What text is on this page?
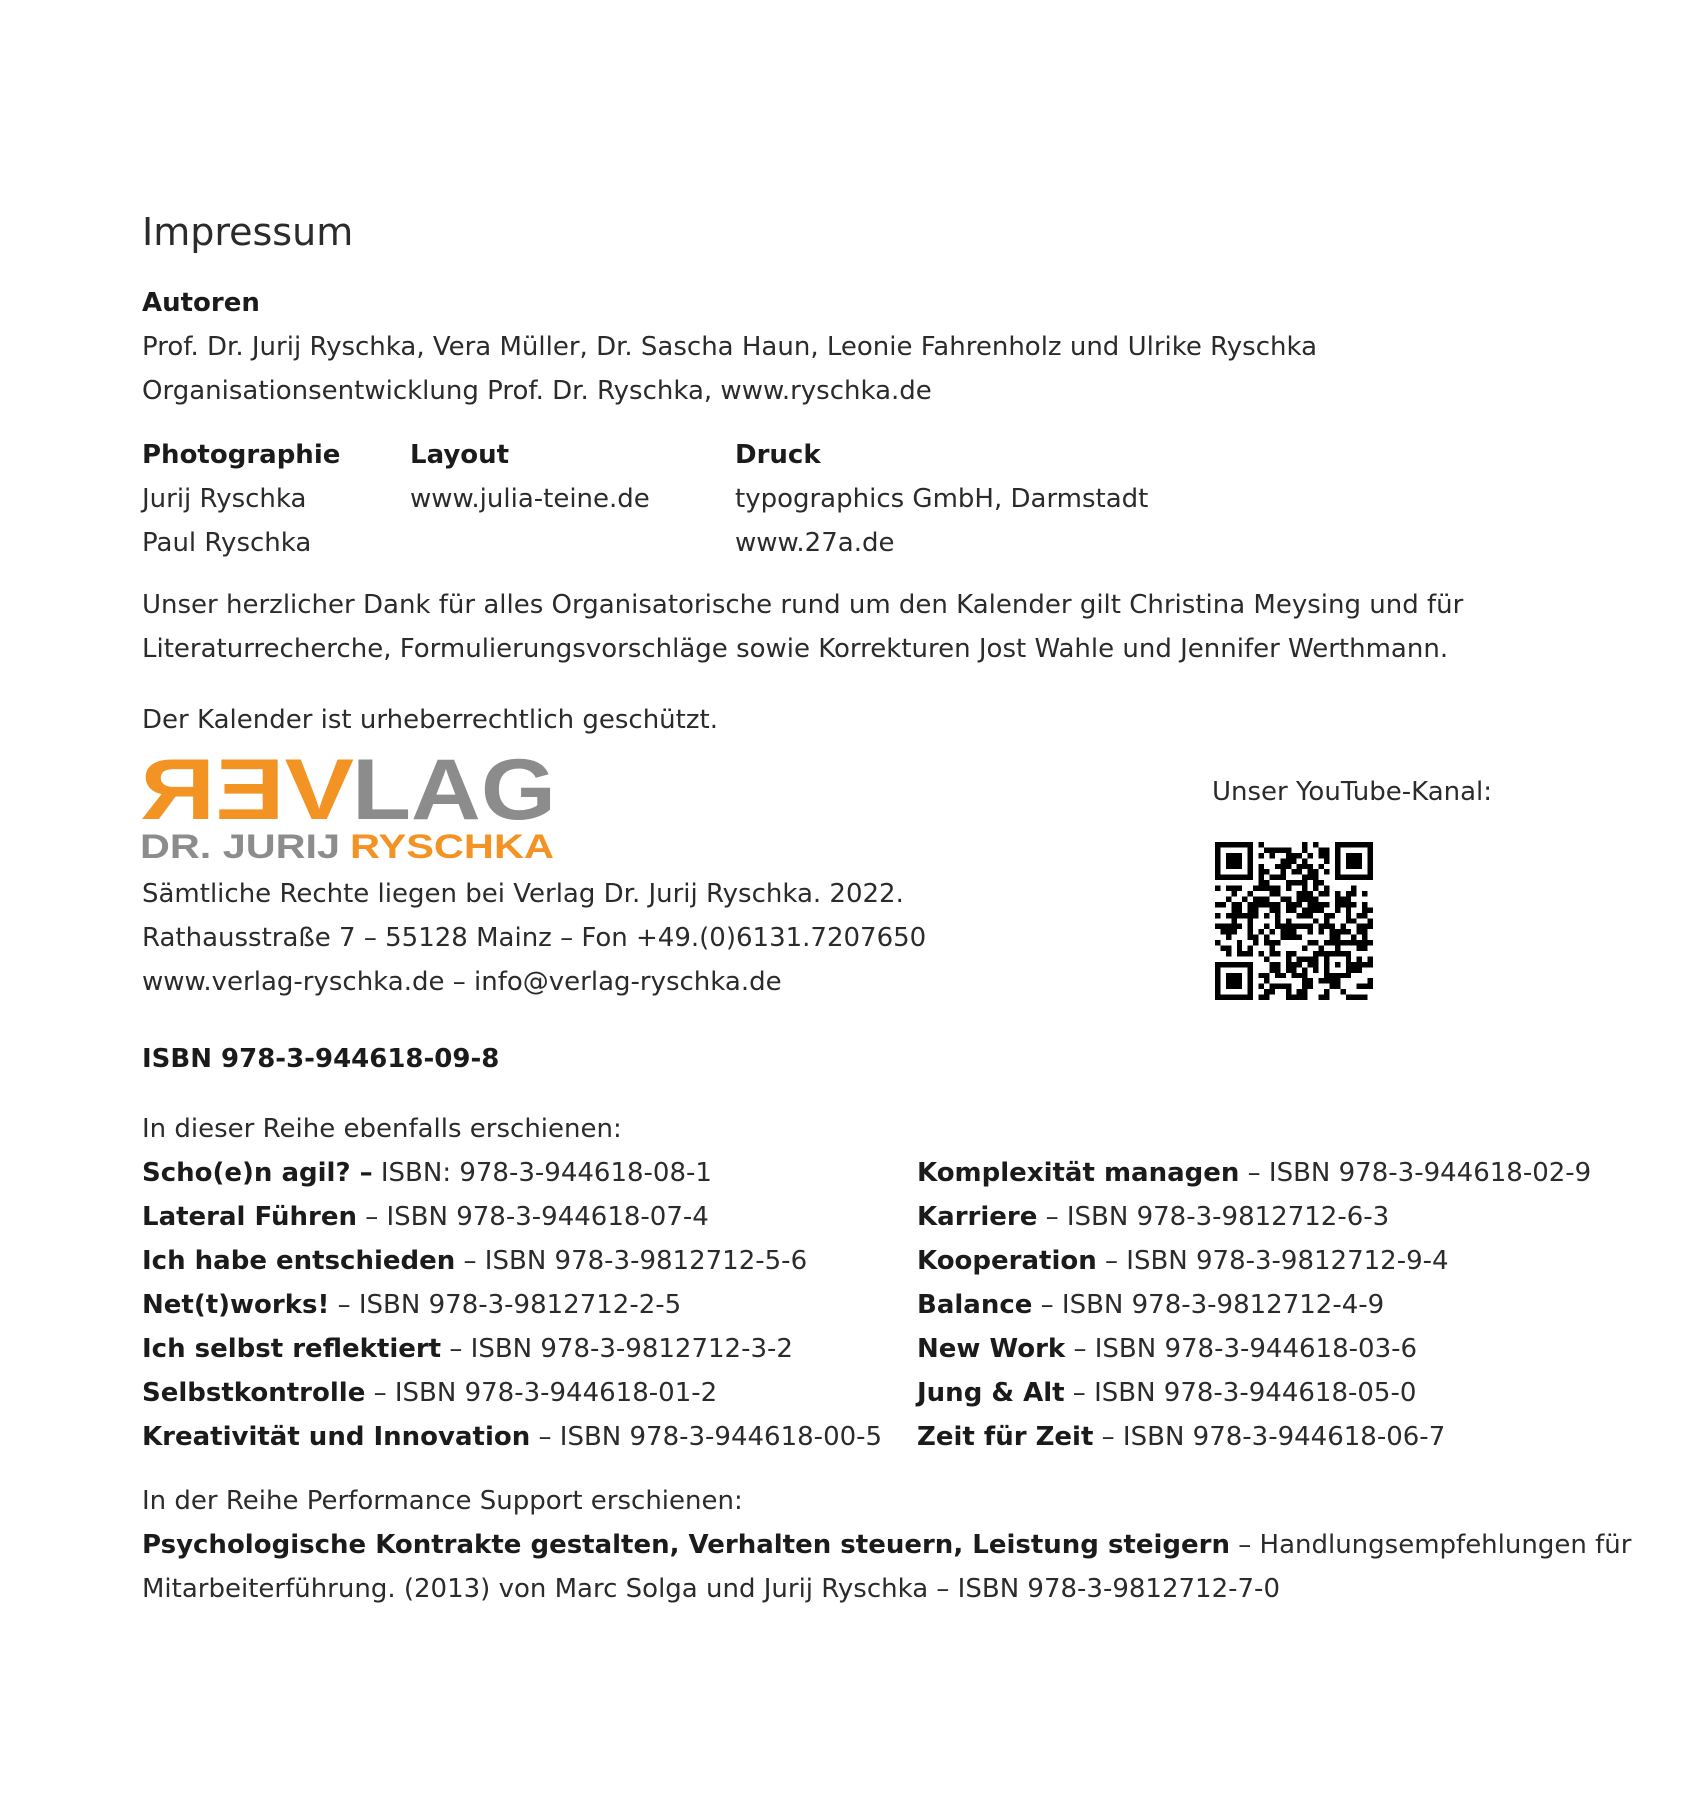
Impressum
Autoren
Prof. Dr. Jurij Ryschka, Vera Müller, Dr. Sascha Haun, Leonie Fahrenholz und Ulrike Ryschka
Organisationsentwicklung Prof. Dr. Ryschka, www.ryschka.de
Photographie
Jurij Ryschka
Paul Ryschka
Layout
www.julia-teine.de
Druck
typographics GmbH, Darmstadt
www.27a.de
Unser herzlicher Dank für alles Organisatorische rund um den Kalender gilt Christina Meysing und für
Literaturrecherche, Formulierungsvorschläge sowie Korrekturen Jost Wahle und Jennifer Werthmann.
Der Kalender ist urheberrechtlich geschützt.
VER
LAG
DR. JURIJ RYSCHKA
Sämtliche Rechte liegen bei Verlag Dr. Jurij Ryschka. 2022.
Rathausstraße 7 – 55128 Mainz – Fon +49.(0)6131.7207650
www.verlag-ryschka.de – info@verlag-ryschka.de
Unser YouTube-Kanal:
ISBN 978-3-944618-09-8
In dieser Reihe ebenfalls erschienen:
Scho(e)n agil? – ISBN: 978-3-944618-08-1
Lateral Führen – ISBN 978-3-944618-07-4
Ich habe entschieden – ISBN 978-3-9812712-5-6
Net(t)works! – ISBN 978-3-9812712-2-5
Ich selbst reflektiert – ISBN 978-3-9812712-3-2
Selbstkontrolle – ISBN 978-3-944618-01-2
Kreativität und Innovation – ISBN 978-3-944618-00-5
Komplexität managen – ISBN 978-3-944618-02-9
Karriere – ISBN 978-3-9812712-6-3
Kooperation – ISBN 978-3-9812712-9-4
Balance – ISBN 978-3-9812712-4-9
New Work – ISBN 978-3-944618-03-6
Jung & Alt – ISBN 978-3-944618-05-0
Zeit für Zeit – ISBN 978-3-944618-06-7
In der Reihe Performance Support erschienen:
Psychologische Kontrakte gestalten, Verhalten steuern, Leistung steigern – Handlungsempfehlungen für
Mitarbeiterführung. (2013) von Marc Solga und Jurij Ryschka – ISBN 978-3-9812712-7-0
